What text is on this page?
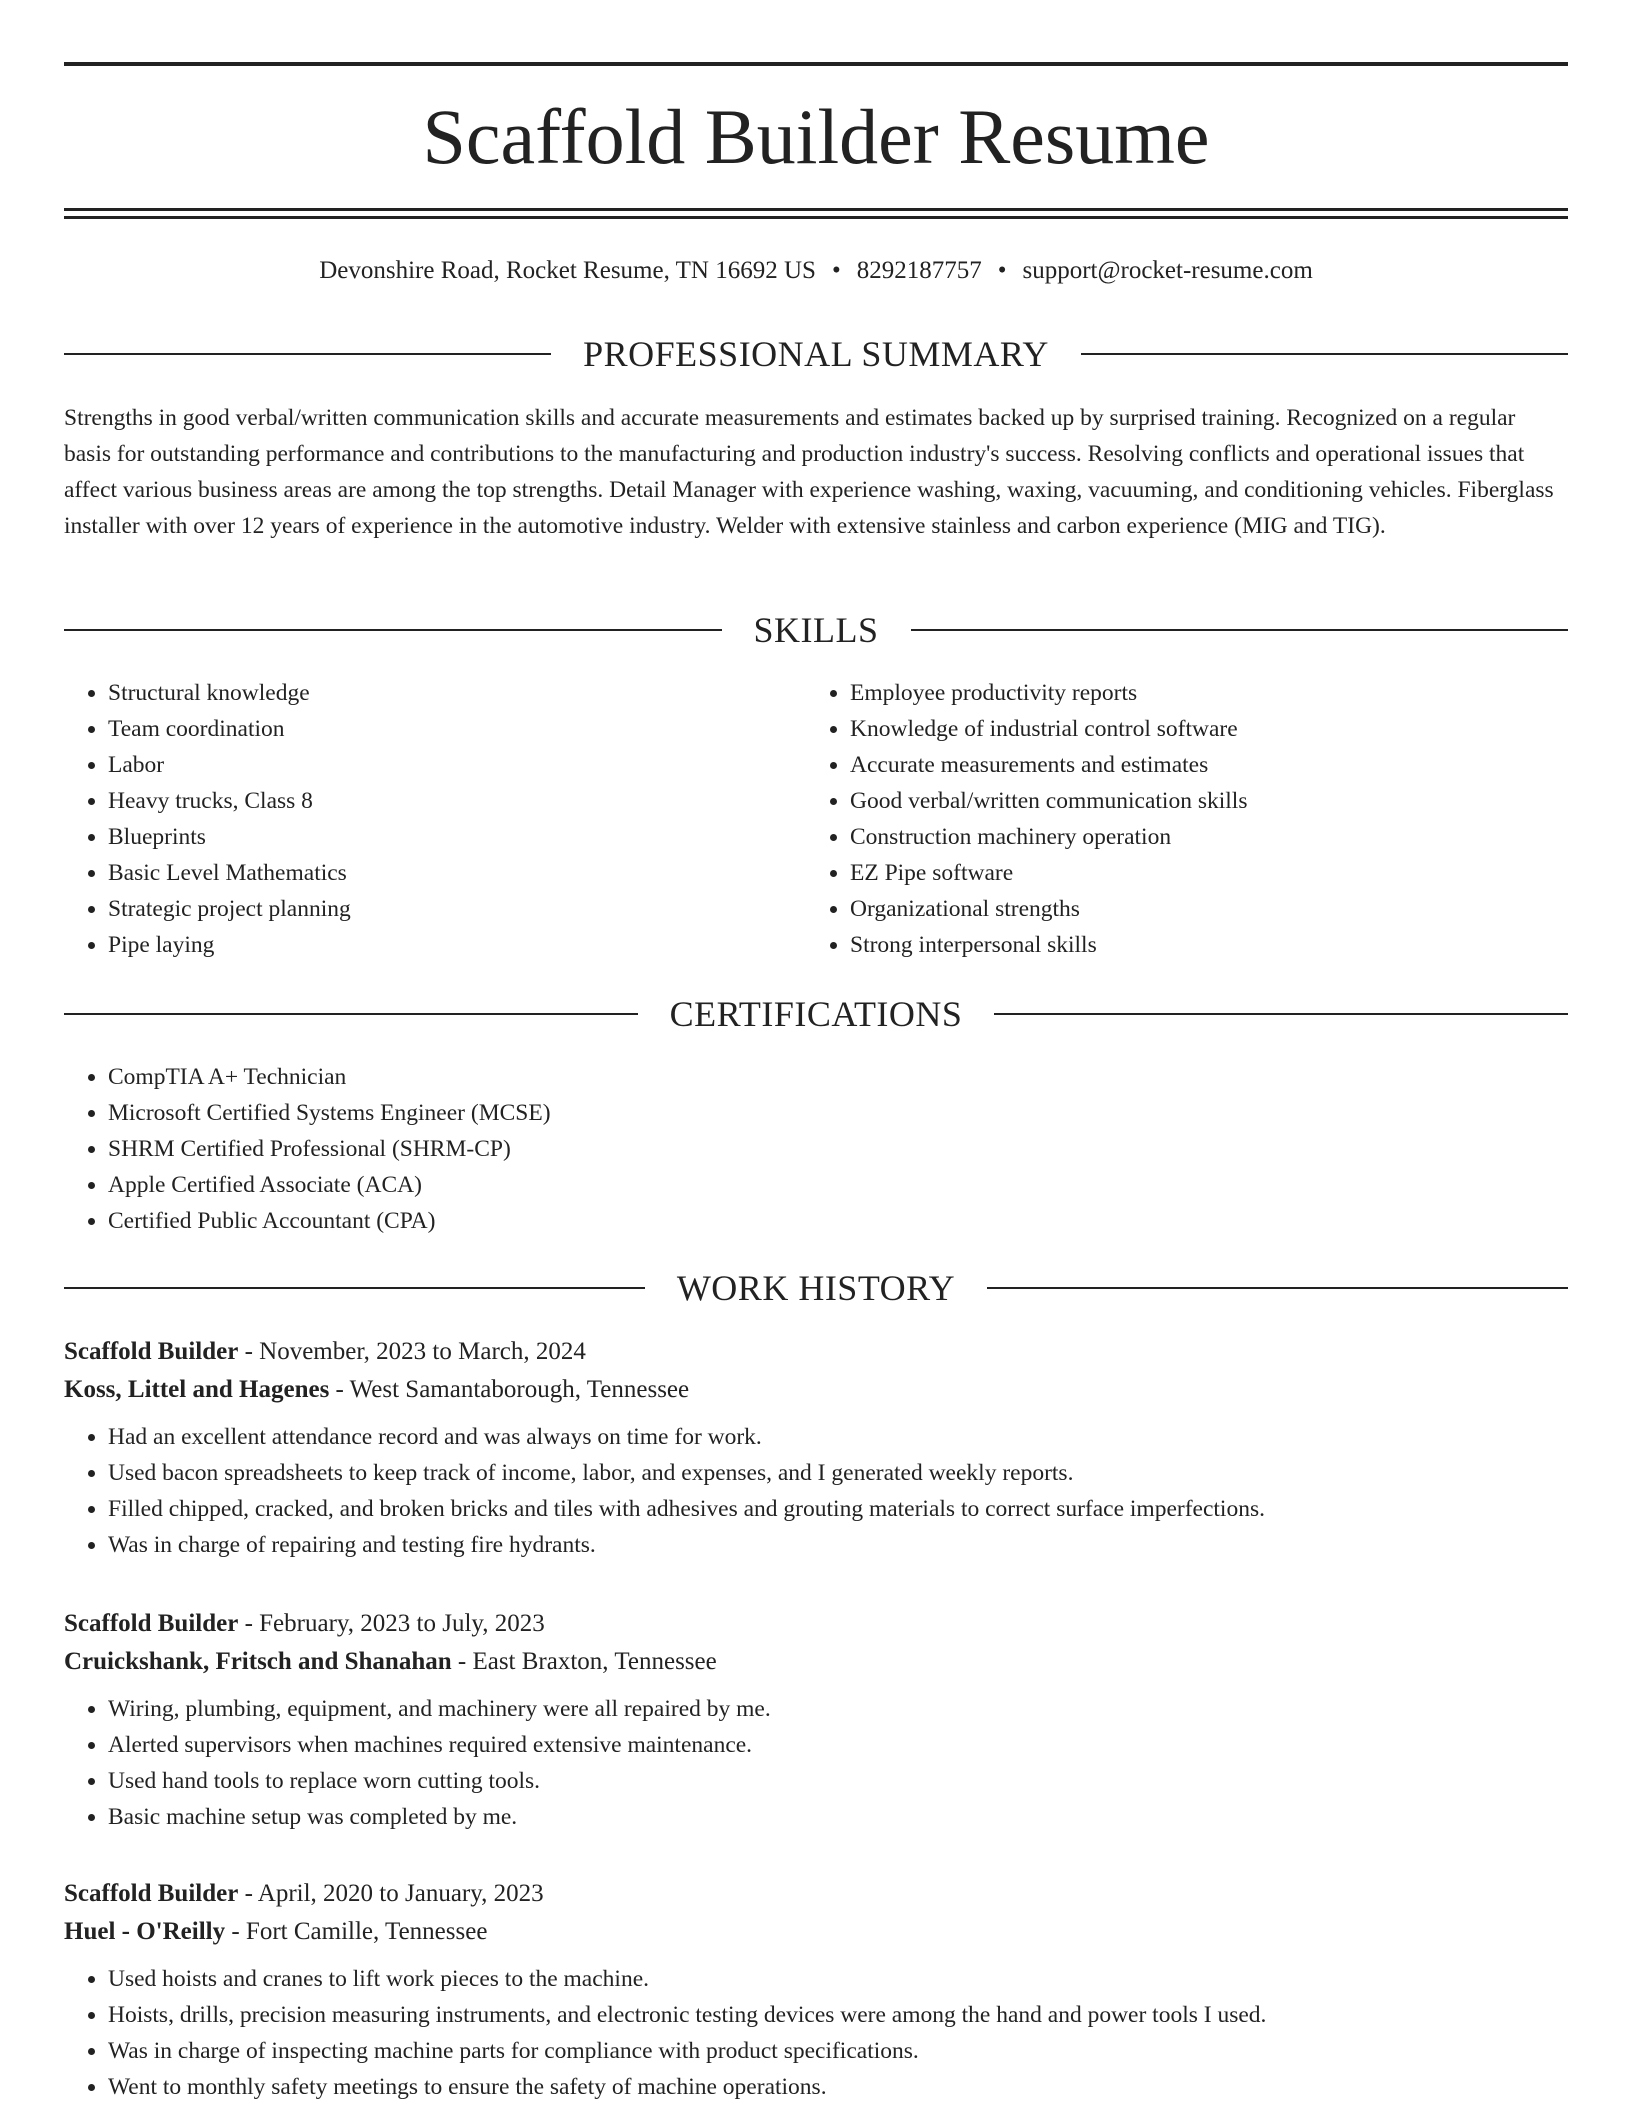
Scaffold Builder Resume
Devonshire Road, Rocket Resume, TN 16692 US • 8292187757 • support@rocket-resume.com
PROFESSIONAL SUMMARY

Strengths in good verbal/written communication skills and accurate measurements and estimates backed up by surprised training. Recognized on a regular basis for outstanding performance and contributions to the manufacturing and production industry's success. Resolving conflicts and operational issues that affect various business areas are among the top strengths. Detail Manager with experience washing, waxing, vacuuming, and conditioning vehicles. Fiberglass installer with over 12 years of experience in the automotive industry. Welder with extensive stainless and carbon experience (MIG and TIG).

SKILLS
• Structural knowledge
• Team coordination
• Labor
• Heavy trucks, Class 8
• Blueprints
• Basic Level Mathematics
• Strategic project planning
• Pipe laying
• Employee productivity reports
• Knowledge of industrial control software
• Accurate measurements and estimates
• Good verbal/written communication skills
• Construction machinery operation
• EZ Pipe software
• Organizational strengths
• Strong interpersonal skills
CERTIFICATIONS
• CompTIA A+ Technician
• Microsoft Certified Systems Engineer (MCSE)
• SHRM Certified Professional (SHRM-CP)
• Apple Certified Associate (ACA)
• Certified Public Accountant (CPA)
WORK HISTORY
Scaffold Builder - November, 2023 to March, 2024
Koss, Littel and Hagenes - West Samantaborough, Tennessee
• Had an excellent attendance record and was always on time for work.
• Used bacon spreadsheets to keep track of income, labor, and expenses, and I generated weekly reports.
• Filled chipped, cracked, and broken bricks and tiles with adhesives and grouting materials to correct surface imperfections.
• Was in charge of repairing and testing fire hydrants.
Scaffold Builder - February, 2023 to July, 2023
Cruickshank, Fritsch and Shanahan - East Braxton, Tennessee
• Wiring, plumbing, equipment, and machinery were all repaired by me.
• Alerted supervisors when machines required extensive maintenance.
• Used hand tools to replace worn cutting tools.
• Basic machine setup was completed by me.
Scaffold Builder - April, 2020 to January, 2023
Huel - O'Reilly - Fort Camille, Tennessee
• Used hoists and cranes to lift work pieces to the machine.
• Hoists, drills, precision measuring instruments, and electronic testing devices were among the hand and power tools I used.
• Was in charge of inspecting machine parts for compliance with product specifications.
• Went to monthly safety meetings to ensure the safety of machine operations.
